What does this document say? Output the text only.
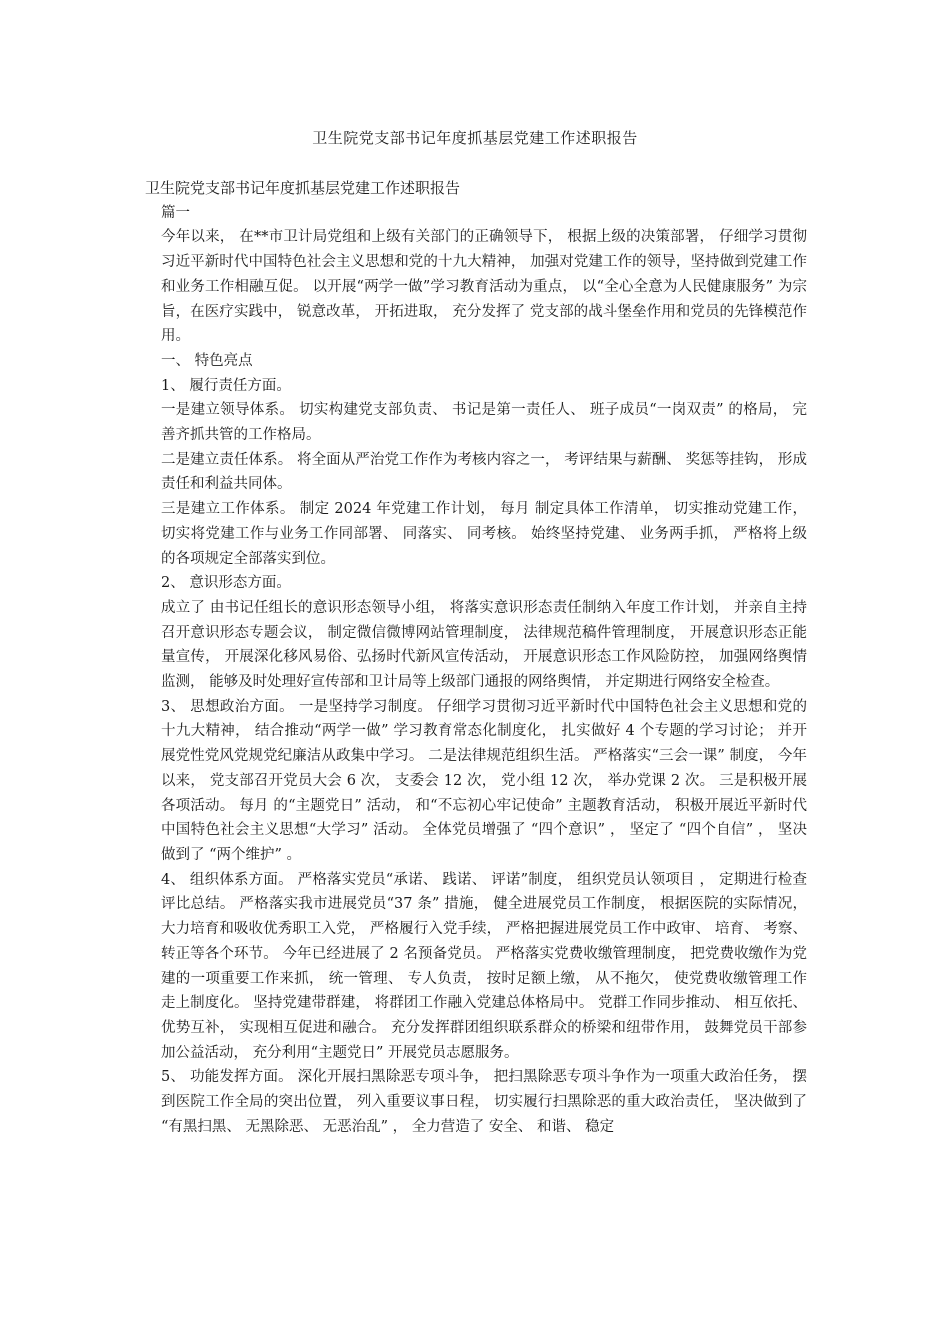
卫生院党支部书记年度抓基层党建工作述职报告

卫生院党支部书记年度抓基层党建工作述职报告

篇一

今年以来， 在**市卫计局党组和上级有关部门的正确领导下， 根据上级的决策部署， 仔细学习贯彻习近平新时代中国特色社会主义思想和党的十九大精神， 加强对党建工作的领导，坚持做到党建工作和业务工作相融互促。 以开展“两学一做”学习教育活动为重点， 以“全心全意为人民健康服务” 为宗旨，在医疗实践中， 锐意改革， 开拓进取， 充分发挥了 党支部的战斗堡垒作用和党员的先锋模范作用。

一、 特色亮点

1、 履行责任方面。

一是建立领导体系。 切实构建党支部负责、 书记是第一责任人、 班子成员“一岗双责” 的格局， 完善齐抓共管的工作格局。

二是建立责任体系。 将全面从严治党工作作为考核内容之一， 考评结果与薪酬、 奖惩等挂钩， 形成责任和利益共同体。

三是建立工作体系。 制定 2024 年党建工作计划， 每月 制定具体工作清单， 切实推动党建工作， 切实将党建工作与业务工作同部署、 同落实、 同考核。 始终坚持党建、 业务两手抓， 严格将上级的各项规定全部落实到位。

2、 意识形态方面。

成立了 由书记任组长的意识形态领导小组， 将落实意识形态责任制纳入年度工作计划， 并亲自主持召开意识形态专题会议， 制定微信微博网站管理制度， 法律规范稿件管理制度， 开展意识形态正能量宣传， 开展深化移风易俗、弘扬时代新风宣传活动， 开展意识形态工作风险防控， 加强网络舆情监测， 能够及时处理好宣传部和卫计局等上级部门通报的网络舆情， 并定期进行网络安全检查。

3、 思想政治方面。 一是坚持学习制度。 仔细学习贯彻习近平新时代中国特色社会主义思想和党的十九大精神， 结合推动“两学一做” 学习教育常态化制度化， 扎实做好 4 个专题的学习讨论； 并开展党性党风党规党纪廉洁从政集中学习。 二是法律规范组织生活。 严格落实“三会一课” 制度， 今年以来， 党支部召开党员大会 6 次， 支委会 12 次， 党小组 12 次， 举办党课 2 次。 三是积极开展各项活动。 每月 的“主题党日” 活动， 和“不忘初心牢记使命” 主题教育活动， 积极开展近平新时代中国特色社会主义思想“大学习” 活动。 全体党员增强了 “四个意识” ， 坚定了 “四个自信” ， 坚决做到了 “两个维护” 。

4、 组织体系方面。 严格落实党员“承诺、 践诺、 评诺”制度， 组织党员认领项目 ， 定期进行检查评比总结。 严格落实我市进展党员“37 条” 措施， 健全进展党员工作制度， 根据医院的实际情况， 大力培育和吸收优秀职工入党， 严格履行入党手续， 严格把握进展党员工作中政审、 培育、 考察、 转正等各个环节。 今年已经进展了 2 名预备党员。 严格落实党费收缴管理制度， 把党费收缴作为党建的一项重要工作来抓， 统一管理、 专人负责， 按时足额上缴， 从不拖欠， 使党费收缴管理工作走上制度化。 坚持党建带群建， 将群团工作融入党建总体格局中。 党群工作同步推动、 相互依托、 优势互补， 实现相互促进和融合。 充分发挥群团组织联系群众的桥梁和纽带作用， 鼓舞党员干部参加公益活动， 充分利用“主题党日” 开展党员志愿服务。

5、 功能发挥方面。 深化开展扫黑除恶专项斗争， 把扫黑除恶专项斗争作为一项重大政治任务， 摆到医院工作全局的突出位置， 列入重要议事日程， 切实履行扫黑除恶的重大政治责任， 坚决做到了 “有黑扫黑、 无黑除恶、 无恶治乱” ， 全力营造了 安全、 和谐、 稳定
